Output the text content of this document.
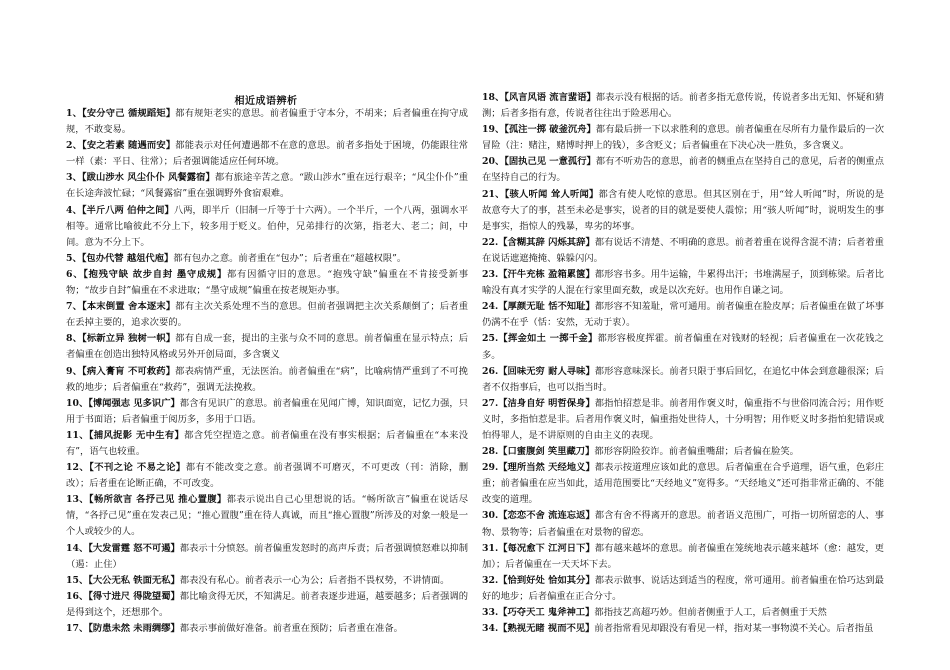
相近成语辨析

1、【安分守己 循规蹈矩】都有规矩老实的意思。前者偏重于守本分，不胡来；后者偏重在拘守成规，不敢变易。

2、【安之若素 随遇而安】都能表示对任何遭遇都不在意的意思。前者多指处于困境，仍能跟往常一样（素：平日、往常）；后者强调能适应任何环境。

3、【跋山涉水 风尘仆仆 风餐露宿】都有旅途辛苦之意。“跋山涉水”重在远行艰辛；“风尘仆仆”重在长途奔波忙碌；“风餐露宿”重在强调野外食宿艰难。

4、【半斤八两 伯仲之间】八两，即半斤（旧制一斤等于十六两）。一个半斤，一个八两，强调水平相等。通常比喻彼此不分上下，较多用于贬义。伯仲，兄弟排行的次第，指老大、老二；间，中间。意为不分上下。

5、【包办代替 越俎代庖】都有包办之意。前者重在“包办”；后者重在“超越权限”。

6、【抱残守缺 故步自封 墨守成规】都有因循守旧的意思。“抱残守缺”偏重在不肯接受新事物；“故步自封”偏重在不求进取；“墨守成规”偏重在按老规矩办事。

7、【本末倒置 舍本逐末】都有主次关系处理不当的意思。但前者强调把主次关系颠倒了；后者重在丢掉主要的，追求次要的。

8、【标新立异 独树一帜】都有自成一套，提出的主张与众不同的意思。前者偏重在显示特点；后者偏重在创造出独特风格或另外开创局面，多含褒义

9、【病入膏肓 不可救药】都表病情严重，无法医治。前者偏重在“病”，比喻病情严重到了不可挽救的地步；后者偏重在“救药”，强调无法挽救。

10、【博闻强志 见多识广】都含有见识广的意思。前者偏重在见闻广博，知识面宽，记忆力强，只用于书面语；后者偏重于阅历多，多用于口语。

11、【捕风捉影 无中生有】都含凭空捏造之意。前者偏重在没有事实根据；后者偏重在“本来没有”，语气也较重。

12、【不刊之论 不易之论】都有不能改变之意。前者强调不可磨灭，不可更改（刊：消除，删改）；后者重在论断正确，不可改变。

13、【畅所欲言 各抒己见 推心置腹】都表示说出自己心里想说的话。“畅所欲言”偏重在说话尽情，“各抒己见”重在发表己见；“推心置腹”重在待人真诚，而且“推心置腹”所涉及的对象一般是一个人或较少的人。

14、【大发雷霆 怒不可遏】都表示十分愤怒。前者偏重发怒时的高声斥责；后者强调愤怒难以抑制（遏：止住）

15、【大公无私 铁面无私】都表没有私心。前者表示一心为公；后者指不畏权势，不讲情面。

16、【得寸进尺 得陇望蜀】都比喻贪得无厌，不知满足。前者表逐步进逼，越要越多；后者强调的是得到这个，还想那个。

17、【防患未然 未雨绸缪】都表示事前做好准备。前者重在预防；后者重在准备。

18、【风言风语 流言蜚语】都表示没有根据的话。前者多指无意传说，传说者多出无知、怀疑和猜测；后者多指有意，传说者往往出于险恶用心。

19、【孤注一掷 破釜沉舟】都有最后拼一下以求胜利的意思。前者偏重在尽所有力量作最后的一次冒险（注：赌注，赌博时押上的钱），多含贬义；后者偏重在下决心决一胜负，多含褒义。

20、【固执己见 一意孤行】都有不听劝告的意思，前者的侧重点在坚持自己的意见，后者的侧重点在坚持自己的行为。

21、【骇人听闻 耸人听闻】都含有使人吃惊的意思。但其区别在于，用“耸人听闻”时，所说的是故意夸大了的事，甚至未必是事实，说者的目的就是要使人震惊；用“骇人听闻”时，说明发生的事是事实，指惊人的残暴，卑劣的坏事。

22.【含糊其辞 闪烁其辞】都有说话不清楚、不明确的意思。前者着重在说得含混不清；后者着重在说话遮遮掩掩、躲躲闪闪。

23.【汗牛充栋 盈箱累箧】都形容书多。用牛运输，牛累得出汗；书堆满屋子，顶到栋梁。后者比喻没有真才实学的人混在行家里面充数，或是以次充好。也用作自谦之词。

24.【厚颜无耻 恬不知耻】都形容不知羞耻，常可通用。前者偏重在脸皮厚；后者偏重在做了坏事仍满不在乎（恬：安然，无动于衷）。

25.【挥金如土 一掷千金】都形容极度挥霍。前者偏重在对钱财的轻视；后者偏重在一次花钱之多。

26.【回味无穷 耐人寻味】都形容意味深长。前者只限于事后回忆，在追忆中体会到意趣很深；后者不仅指事后，也可以指当时。

27.【洁身自好 明哲保身】都指怕招惹是非。前者用作褒义时，偏重指不与世俗同流合污；用作贬义时，多指怕惹是非。后者用作褒义时，偏重指处世待人，十分明智；用作贬义时多指怕犯错误或怕得罪人，是不讲原则的自由主义的表现。

28.【口蜜腹剑 笑里藏刀】都形容阴险狡诈。前者偏重嘴甜；后者偏在脸笑。

29.【理所当然 天经地义】都表示按道理应该如此的意思。后者偏重在合乎道理，语气重，色彩庄重；前者偏重在应当如此，适用范围要比“天经地义”宽得多。“天经地义”还可指非常正确的、不能改变的道理。

30.【恋恋不舍 流连忘返】都含有舍不得离开的意思。前者语义范围广，可指一切所留恋的人、事物、景物等；后者偏重在对景物的留恋。

31.【每况愈下 江河日下】都有越来越坏的意思。前者偏重在笼统地表示越来越坏（愈：越发，更加）；后者偏重在一天天坏下去。

32.【恰到好处 恰如其分】都表示做事、说话达到适当的程度，常可通用。前者偏重在恰巧达到最好的地步；后者偏重在正合分寸。

33.【巧夺天工 鬼斧神工】都指技艺高超巧妙。但前者侧重于人工，后者侧重于天然

34.【熟视无睹 视而不见】前者指常看见却跟没有看见一样，指对某一事物漠不关心。后者指虽
